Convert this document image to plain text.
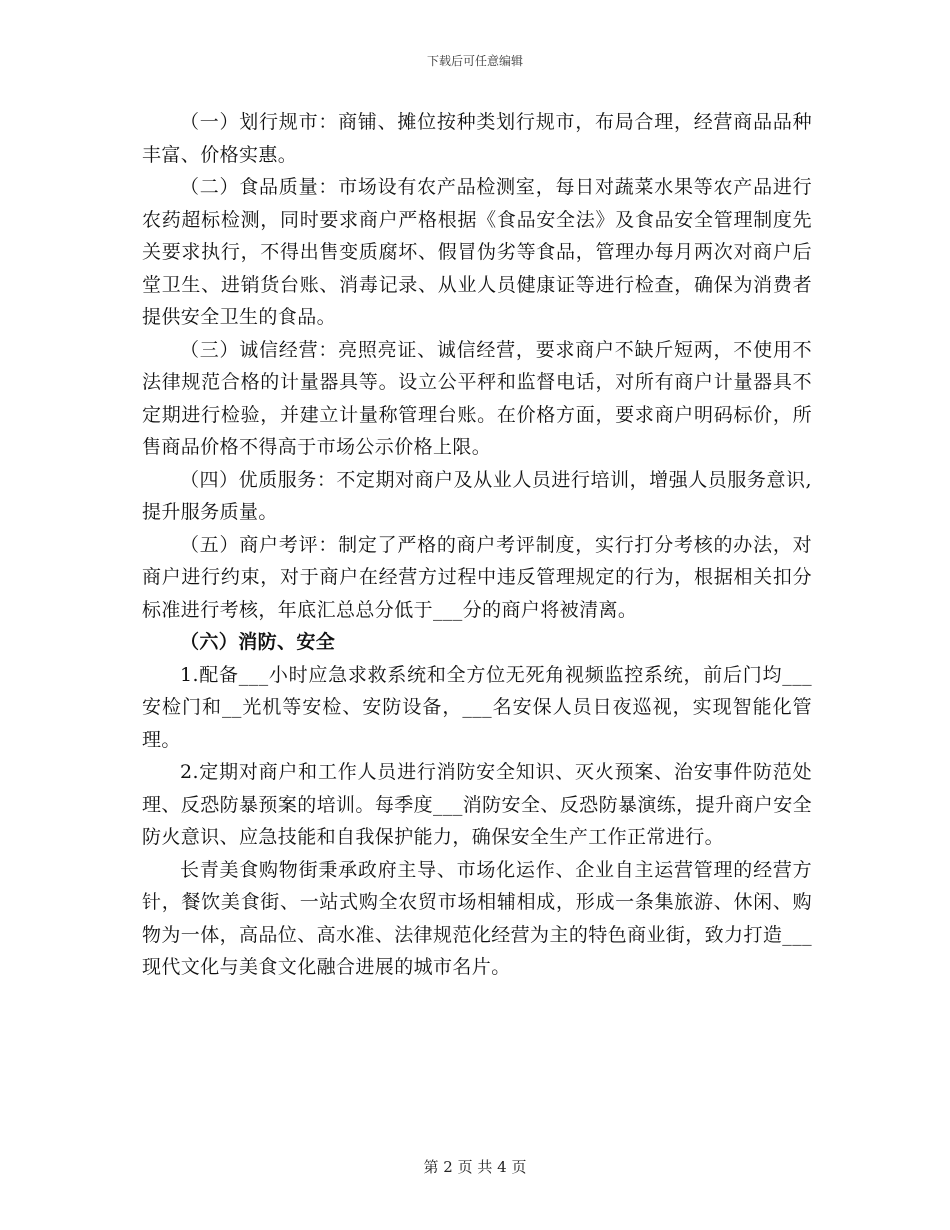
下载后可任意编辑

（一）划行规市：商铺、摊位按种类划行规市，布局合理，经营商品品种丰富、价格实惠。

（二）食品质量：市场设有农产品检测室，每日对蔬菜水果等农产品进行农药超标检测，同时要求商户严格根据《食品安全法》及食品安全管理制度先关要求执行，不得出售变质腐坏、假冒伪劣等食品，管理办每月两次对商户后堂卫生、进销货台账、消毒记录、从业人员健康证等进行检查，确保为消费者提供安全卫生的食品。

（三）诚信经营：亮照亮证、诚信经营，要求商户不缺斤短两，不使用不法律规范合格的计量器具等。设立公平秤和监督电话，对所有商户计量器具不定期进行检验，并建立计量称管理台账。在价格方面，要求商户明码标价，所售商品价格不得高于市场公示价格上限。

（四）优质服务：不定期对商户及从业人员进行培训，增强人员服务意识,提升服务质量。

（五）商户考评：制定了严格的商户考评制度，实行打分考核的办法，对商户进行约束，对于商户在经营方过程中违反管理规定的行为，根据相关扣分标准进行考核，年底汇总总分低于___分的商户将被清离。

（六）消防、安全

1.配备___小时应急求救系统和全方位无死角视频监控系统，前后门均___安检门和__光机等安检、安防设备，___名安保人员日夜巡视，实现智能化管理。

2.定期对商户和工作人员进行消防安全知识、灭火预案、治安事件防范处理、反恐防暴预案的培训。每季度___消防安全、反恐防暴演练，提升商户安全防火意识、应急技能和自我保护能力，确保安全生产工作正常进行。

长青美食购物街秉承政府主导、市场化运作、企业自主运营管理的经营方针，餐饮美食街、一站式购全农贸市场相辅相成，形成一条集旅游、休闲、购物为一体，高品位、高水准、法律规范化经营为主的特色商业街，致力打造___现代文化与美食文化融合进展的城市名片。

第 2 页 共 4 页
